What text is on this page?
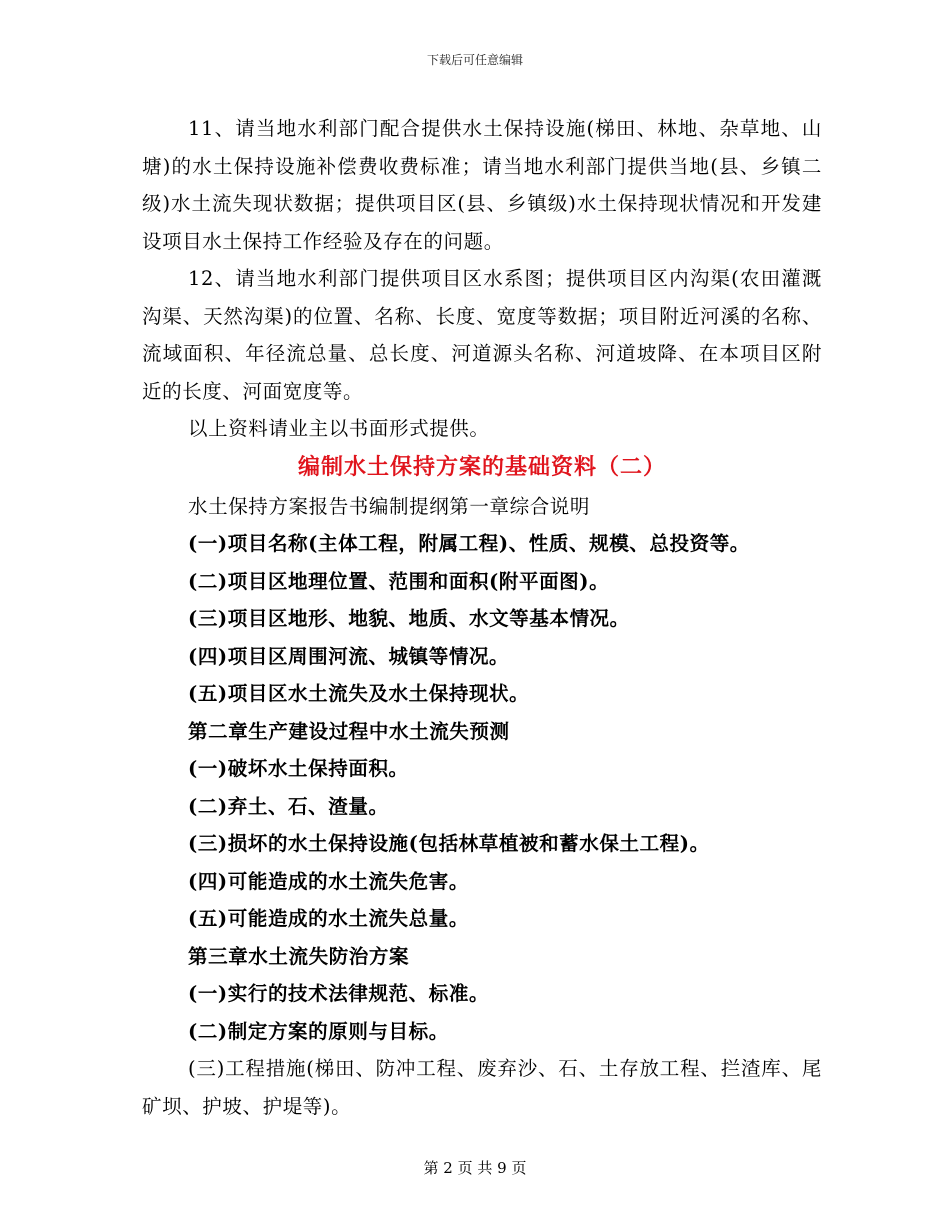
下载后可任意编辑

11、请当地水利部门配合提供水土保持设施(梯田、林地、杂草地、山塘)的水土保持设施补偿费收费标准；请当地水利部门提供当地(县、乡镇二级)水土流失现状数据；提供项目区(县、乡镇级)水土保持现状情况和开发建设项目水土保持工作经验及存在的问题。

12、请当地水利部门提供项目区水系图；提供项目区内沟渠(农田灌溉沟渠、天然沟渠)的位置、名称、长度、宽度等数据；项目附近河溪的名称、流域面积、年径流总量、总长度、河道源头名称、河道坡降、在本项目区附近的长度、河面宽度等。

以上资料请业主以书面形式提供。

编制水土保持方案的基础资料（二）

水土保持方案报告书编制提纲第一章综合说明

(一)项目名称(主体工程，附属工程)、性质、规模、总投资等。

(二)项目区地理位置、范围和面积(附平面图)。

(三)项目区地形、地貌、地质、水文等基本情况。

(四)项目区周围河流、城镇等情况。

(五)项目区水土流失及水土保持现状。

第二章生产建设过程中水土流失预测

(一)破坏水土保持面积。

(二)弃土、石、渣量。

(三)损坏的水土保持设施(包括林草植被和蓄水保土工程)。

(四)可能造成的水土流失危害。

(五)可能造成的水土流失总量。

第三章水土流失防治方案

(一)实行的技术法律规范、标准。

(二)制定方案的原则与目标。

(三)工程措施(梯田、防冲工程、废弃沙、石、土存放工程、拦渣库、尾矿坝、护坡、护堤等)。

第 2 页 共 9 页
